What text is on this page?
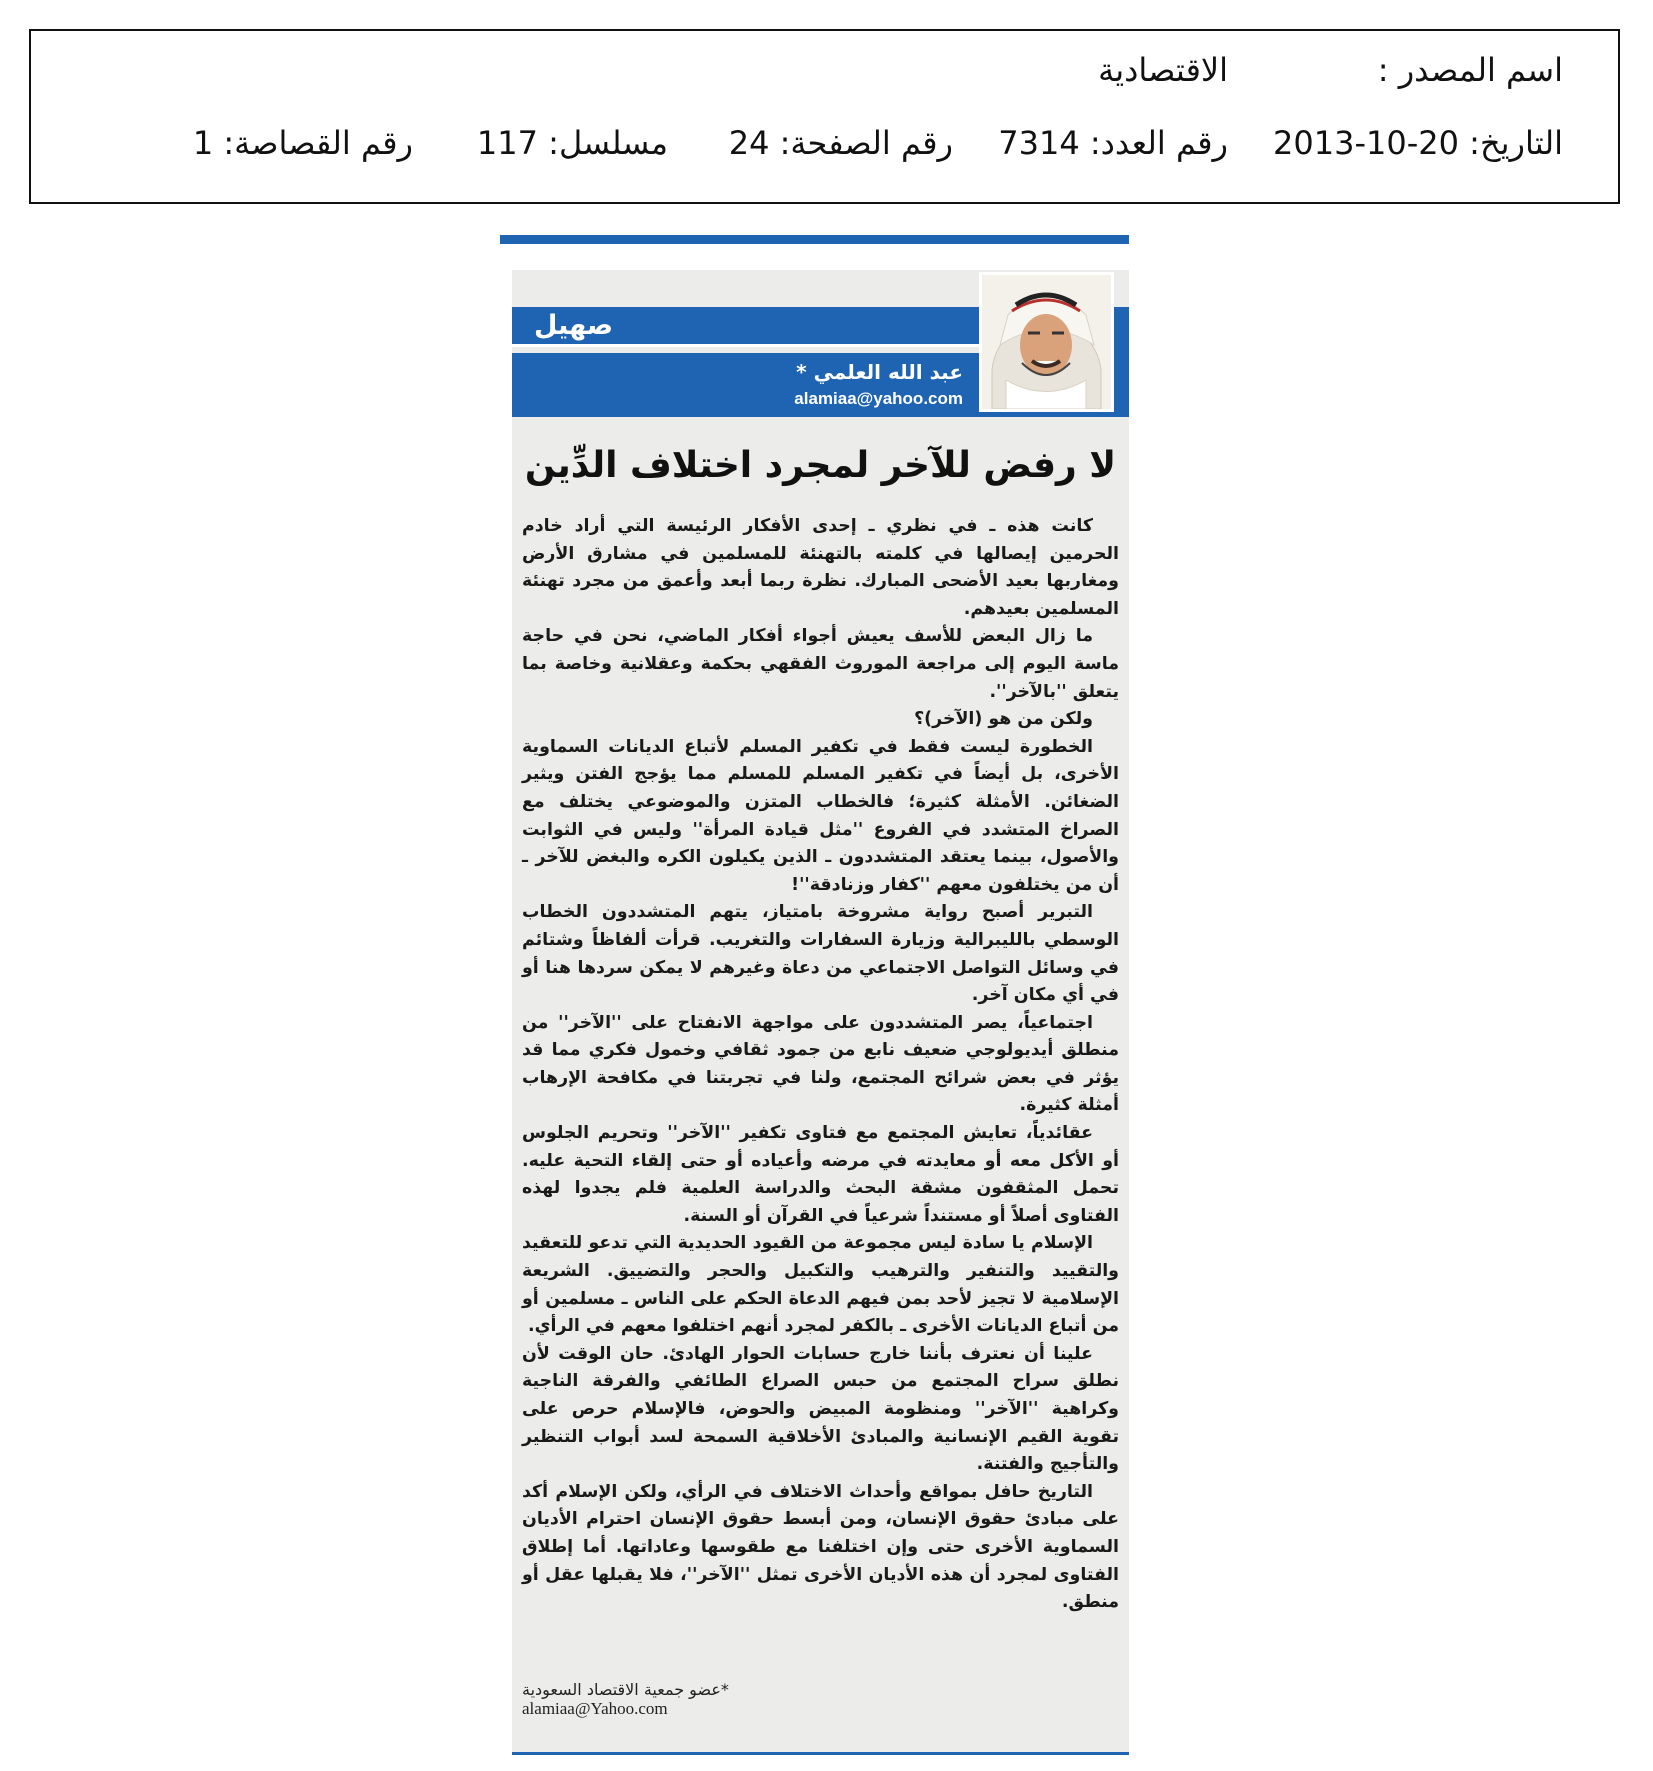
اسم المصدر :
الاقتصادية
التاريخ: 2013-10-20
رقم العدد: 7314
رقم الصفحة: 24
مسلسل: 117
رقم القصاصة: 1
صهيل
عبد الله العلمي *
alamiaa@yahoo.com
لا رفض للآخر لمجرد اختلاف الدِّين

كانت هذه ـ في نظري ـ إحدى الأفكار الرئيسة التي أراد خادم الحرمين إيصالها في كلمته بالتهنئة للمسلمين في مشارق الأرض ومغاربها بعيد الأضحى المبارك. نظرة ربما أبعد وأعمق من مجرد تهنئة المسلمين بعيدهم.

ما زال البعض للأسف يعيش أجواء أفكار الماضي، نحن في حاجة ماسة اليوم إلى مراجعة الموروث الفقهي بحكمة وعقلانية وخاصة بما يتعلق ''بالآخر''.

ولكن من هو (الآخر)؟

الخطورة ليست فقط في تكفير المسلم لأتباع الديانات السماوية الأخرى، بل أيضاً في تكفير المسلم للمسلم مما يؤجج الفتن ويثير الضغائن. الأمثلة كثيرة؛ فالخطاب المتزن والموضوعي يختلف مع الصراخ المتشدد في الفروع ''مثل قيادة المرأة'' وليس في الثوابت والأصول، بينما يعتقد المتشددون ـ الذين يكيلون الكره والبغض للآخر ـ أن من يختلفون معهم ''كفار وزنادقة''!

التبرير أصبح رواية مشروخة بامتياز، يتهم المتشددون الخطاب الوسطي بالليبرالية وزيارة السفارات والتغريب. قرأت ألفاظاً وشتائم في وسائل التواصل الاجتماعي من دعاة وغيرهم لا يمكن سردها هنا أو في أي مكان آخر.

اجتماعياً، يصر المتشددون على مواجهة الانفتاح على ''الآخر'' من منطلق أيديولوجي ضعيف نابع من جمود ثقافي وخمول فكري مما قد يؤثر في بعض شرائح المجتمع، ولنا في تجربتنا في مكافحة الإرهاب أمثلة كثيرة.

عقائدياً، تعايش المجتمع مع فتاوى تكفير ''الآخر'' وتحريم الجلوس أو الأكل معه أو معايدته في مرضه وأعياده أو حتى إلقاء التحية عليه. تحمل المثقفون مشقة البحث والدراسة العلمية فلم يجدوا لهذه الفتاوى أصلاً أو مستنداً شرعياً في القرآن أو السنة.

الإسلام يا سادة ليس مجموعة من القيود الحديدية التي تدعو للتعقيد والتقييد والتنفير والترهيب والتكبيل والحجر والتضييق. الشريعة الإسلامية لا تجيز لأحد بمن فيهم الدعاة الحكم على الناس ـ مسلمين أو من أتباع الديانات الأخرى ـ بالكفر لمجرد أنهم اختلفوا معهم في الرأي.

علينا أن نعترف بأننا خارج حسابات الحوار الهادئ. حان الوقت لأن نطلق سراح المجتمع من حبس الصراع الطائفي والفرقة الناجية وكراهية ''الآخر'' ومنظومة المبيض والحوض، فالإسلام حرص على تقوية القيم الإنسانية والمبادئ الأخلاقية السمحة لسد أبواب التنظير والتأجيج والفتنة.

التاريخ حافل بمواقع وأحداث الاختلاف في الرأي، ولكن الإسلام أكد على مبادئ حقوق الإنسان، ومن أبسط حقوق الإنسان احترام الأديان السماوية الأخرى حتى وإن اختلفنا مع طقوسها وعاداتها. أما إطلاق الفتاوى لمجرد أن هذه الأديان الأخرى تمثل ''الآخر''، فلا يقبلها عقل أو منطق.

*عضو جمعية الاقتصاد السعودية
alamiaa@Yahoo.com
